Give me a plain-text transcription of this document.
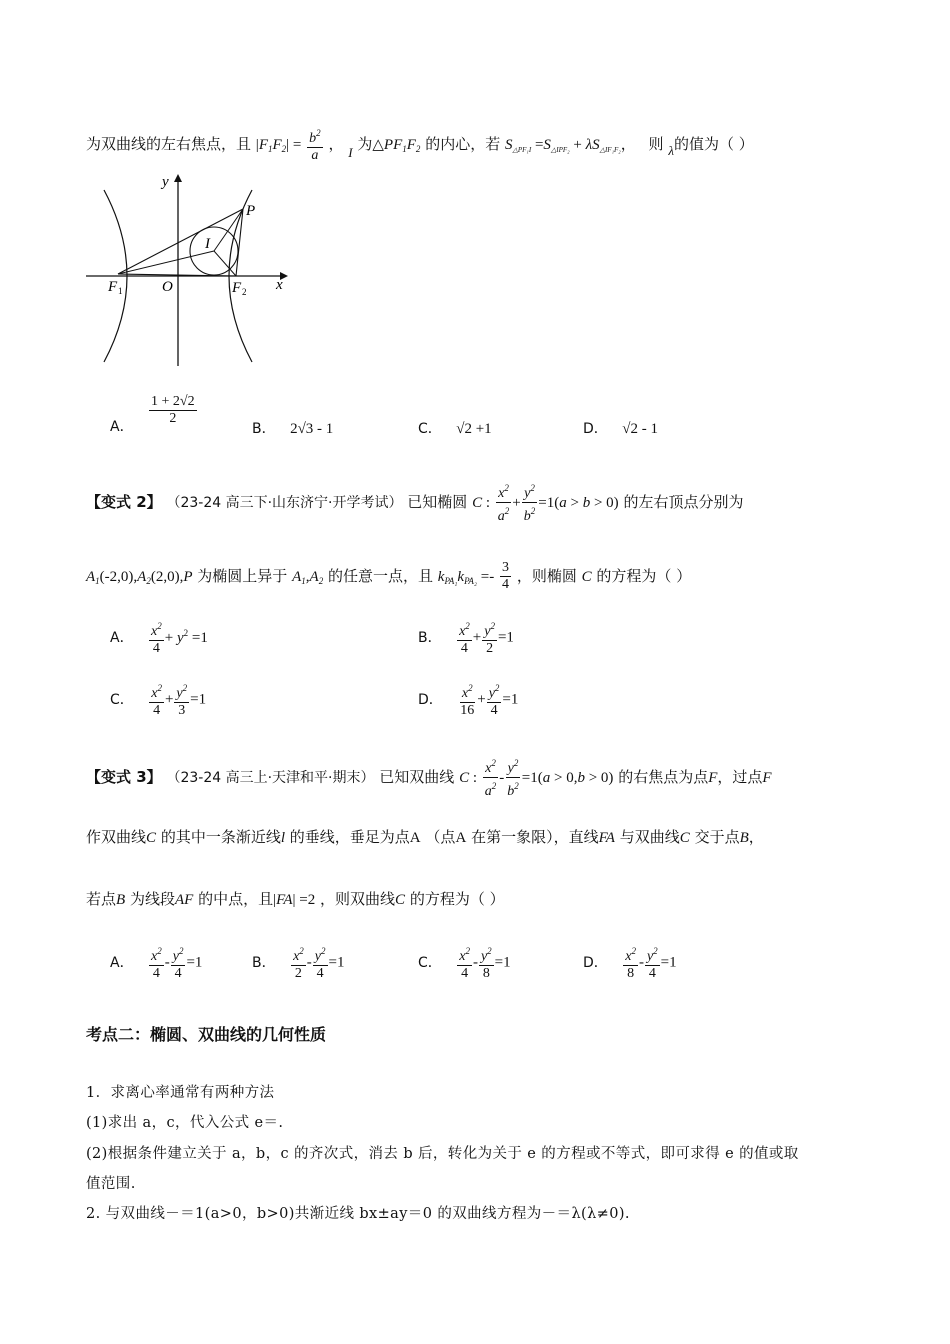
为双曲线的左右焦点，且 $|F_1F_2| = \frac{b^2}{a}$ ， I 为$\triangle PF_1F_2$ 的内心，若 $S_{\triangle PF_1I} =S_{\triangle IPF_2} + \lambda S_{\triangle IF_1F_2}$， 则 λ的值为（ ）
y
x
P
I
F 1	O	F 2
A． $\frac{1 + 2√2}{2}$
B． 2√3 - 1	C． √2 +1	D． √2 - 1
【变式 2】 （23-24 高三下·山东济宁·开学考试） 已知椭圆 C : $\frac{x^2}{a^2} + \frac{y^2}{b^2} =1(a > b > 0)$ 的左右顶点分别为
$A_1(-2,0),A_2(2,0),P$ 为椭圆上异于 $A_1,A_2$ 的任意一点，且 $k_{PA_1}k_{PA_2} =- \frac{3}{4}$ ，则椭圆 C 的方程为（ ）
A． $\frac{x^2}{4} + y^2 =1$	B． $\frac{x^2}{4} + \frac{y^2}{2} =1$
C． $\frac{x^2}{4} + \frac{y^2}{3} =1$	D． $\frac{x^2}{16} + \frac{y^2}{4} =1$
【变式 3】 （23-24 高三上·天津和平·期末） 已知双曲线 C : $\frac{x^2}{a^2} - \frac{y^2}{b^2} =1(a > 0,b > 0)$ 的右焦点为点F，过点F
作双曲线C 的其中一条渐近线l 的垂线，垂足为点A （点A 在第一象限），直线FA 与双曲线C 交于点B，
若点B 为线段AF 的中点，且|FA| =2 ，则双曲线C 的方程为（ ）
A． $\frac{x^2}{4} - \frac{y^2}{4} =1$	B． $\frac{x^2}{2} - \frac{y^2}{4} =1$	C． $\frac{x^2}{4} - \frac{y^2}{8} =1$	D． $\frac{x^2}{8} - \frac{y^2}{4} =1$
考点二：椭圆、双曲线的几何性质
1．求离心率通常有两种方法
(1)求出 a，c，代入公式 e＝.
(2)根据条件建立关于 a，b，c 的齐次式，消去 b 后，转化为关于 e 的方程或不等式，即可求得 e 的值或取
值范围.
2. 与双曲线－＝1(a>0，b>0)共渐近线 bx±ay＝0 的双曲线方程为－＝λ(λ≠0).
